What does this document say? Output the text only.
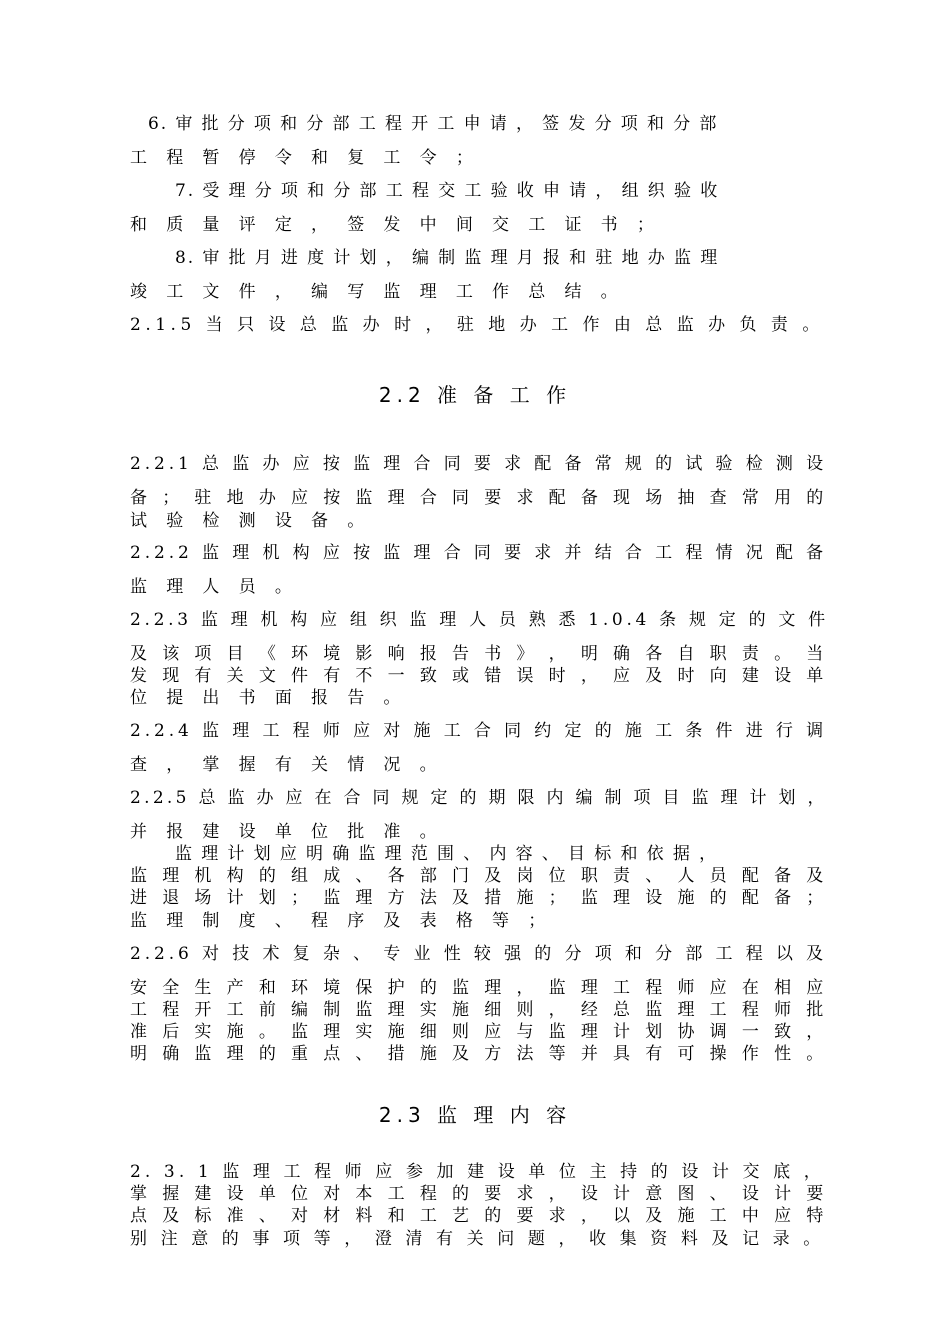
6. 审 批 分 项 和 分 部 工 程 开 工 申 请 ， 签 发 分 项 和 分 部
工 程 暂 停 令 和 复 工 令 ；
7. 受 理 分 项 和 分 部 工 程 交 工 验 收 申 请 ， 组 织 验 收
和 质 量 评 定 ， 签 发 中 间 交 工 证 书 ；
8. 审 批 月 进 度 计 划 ， 编 制 监 理 月 报 和 驻 地 办 监 理
竣 工 文 件 ， 编 写 监 理 工 作 总 结 。
2.1.5 当 只 设 总 监 办 时 ， 驻 地 办 工 作 由 总 监 办 负 责 。
2.2 准 备 工 作
2.2.1 总 监 办 应 按 监 理 合 同 要 求 配 备 常 规 的 试 验 检 测 设
备 ； 驻 地 办 应 按 监 理 合 同 要 求 配 备 现 场 抽 查 常 用 的
试 验 检 测 设 备 。
2.2.2 监 理 机 构 应 按 监 理 合 同 要 求 并 结 合 工 程 情 况 配 备
监 理 人 员 。
2.2.3 监 理 机 构 应 组 织 监 理 人 员 熟 悉 1.0.4 条 规 定 的 文 件
及 该 项 目 《 环 境 影 响 报 告 书 》 ， 明 确 各 自 职 责 。 当
发 现 有 关 文 件 有 不 一 致 或 错 误 时 ， 应 及 时 向 建 设 单
位 提 出 书 面 报 告 。
2.2.4 监 理 工 程 师 应 对 施 工 合 同 约 定 的 施 工 条 件 进 行 调
查 ， 掌 握 有 关 情 况 。
2.2.5 总 监 办 应 在 合 同 规 定 的 期 限 内 编 制 项 目 监 理 计 划 ，
并 报 建 设 单 位 批 准 。
监 理 计 划 应 明 确 监 理 范 围 、 内 容 、 目 标 和 依 据 ，
监 理 机 构 的 组 成 、 各 部 门 及 岗 位 职 责 、 人 员 配 备 及
进 退 场 计 划 ； 监 理 方 法 及 措 施 ； 监 理 设 施 的 配 备 ；
监 理 制 度 、 程 序 及 表 格 等 ；
2.2.6 对 技 术 复 杂 、 专 业 性 较 强 的 分 项 和 分 部 工 程 以 及
安 全 生 产 和 环 境 保 护 的 监 理 ， 监 理 工 程 师 应 在 相 应
工 程 开 工 前 编 制 监 理 实 施 细 则 ， 经 总 监 理 工 程 师 批
准 后 实 施 。 监 理 实 施 细 则 应 与 监 理 计 划 协 调 一 致 ，
明 确 监 理 的 重 点 、 措 施 及 方 法 等 并 具 有 可 操 作 性 。
2.3 监 理 内 容
2. 3. 1 监 理 工 程 师 应 参 加 建 设 单 位 主 持 的 设 计 交 底 ，
掌 握 建 设 单 位 对 本 工 程 的 要 求 ， 设 计 意 图 、 设 计 要
点 及 标 准 、 对 材 料 和 工 艺 的 要 求 ， 以 及 施 工 中 应 特
别 注 意 的 事 项 等 ， 澄 清 有 关 问 题 ， 收 集 资 料 及 记 录 。
